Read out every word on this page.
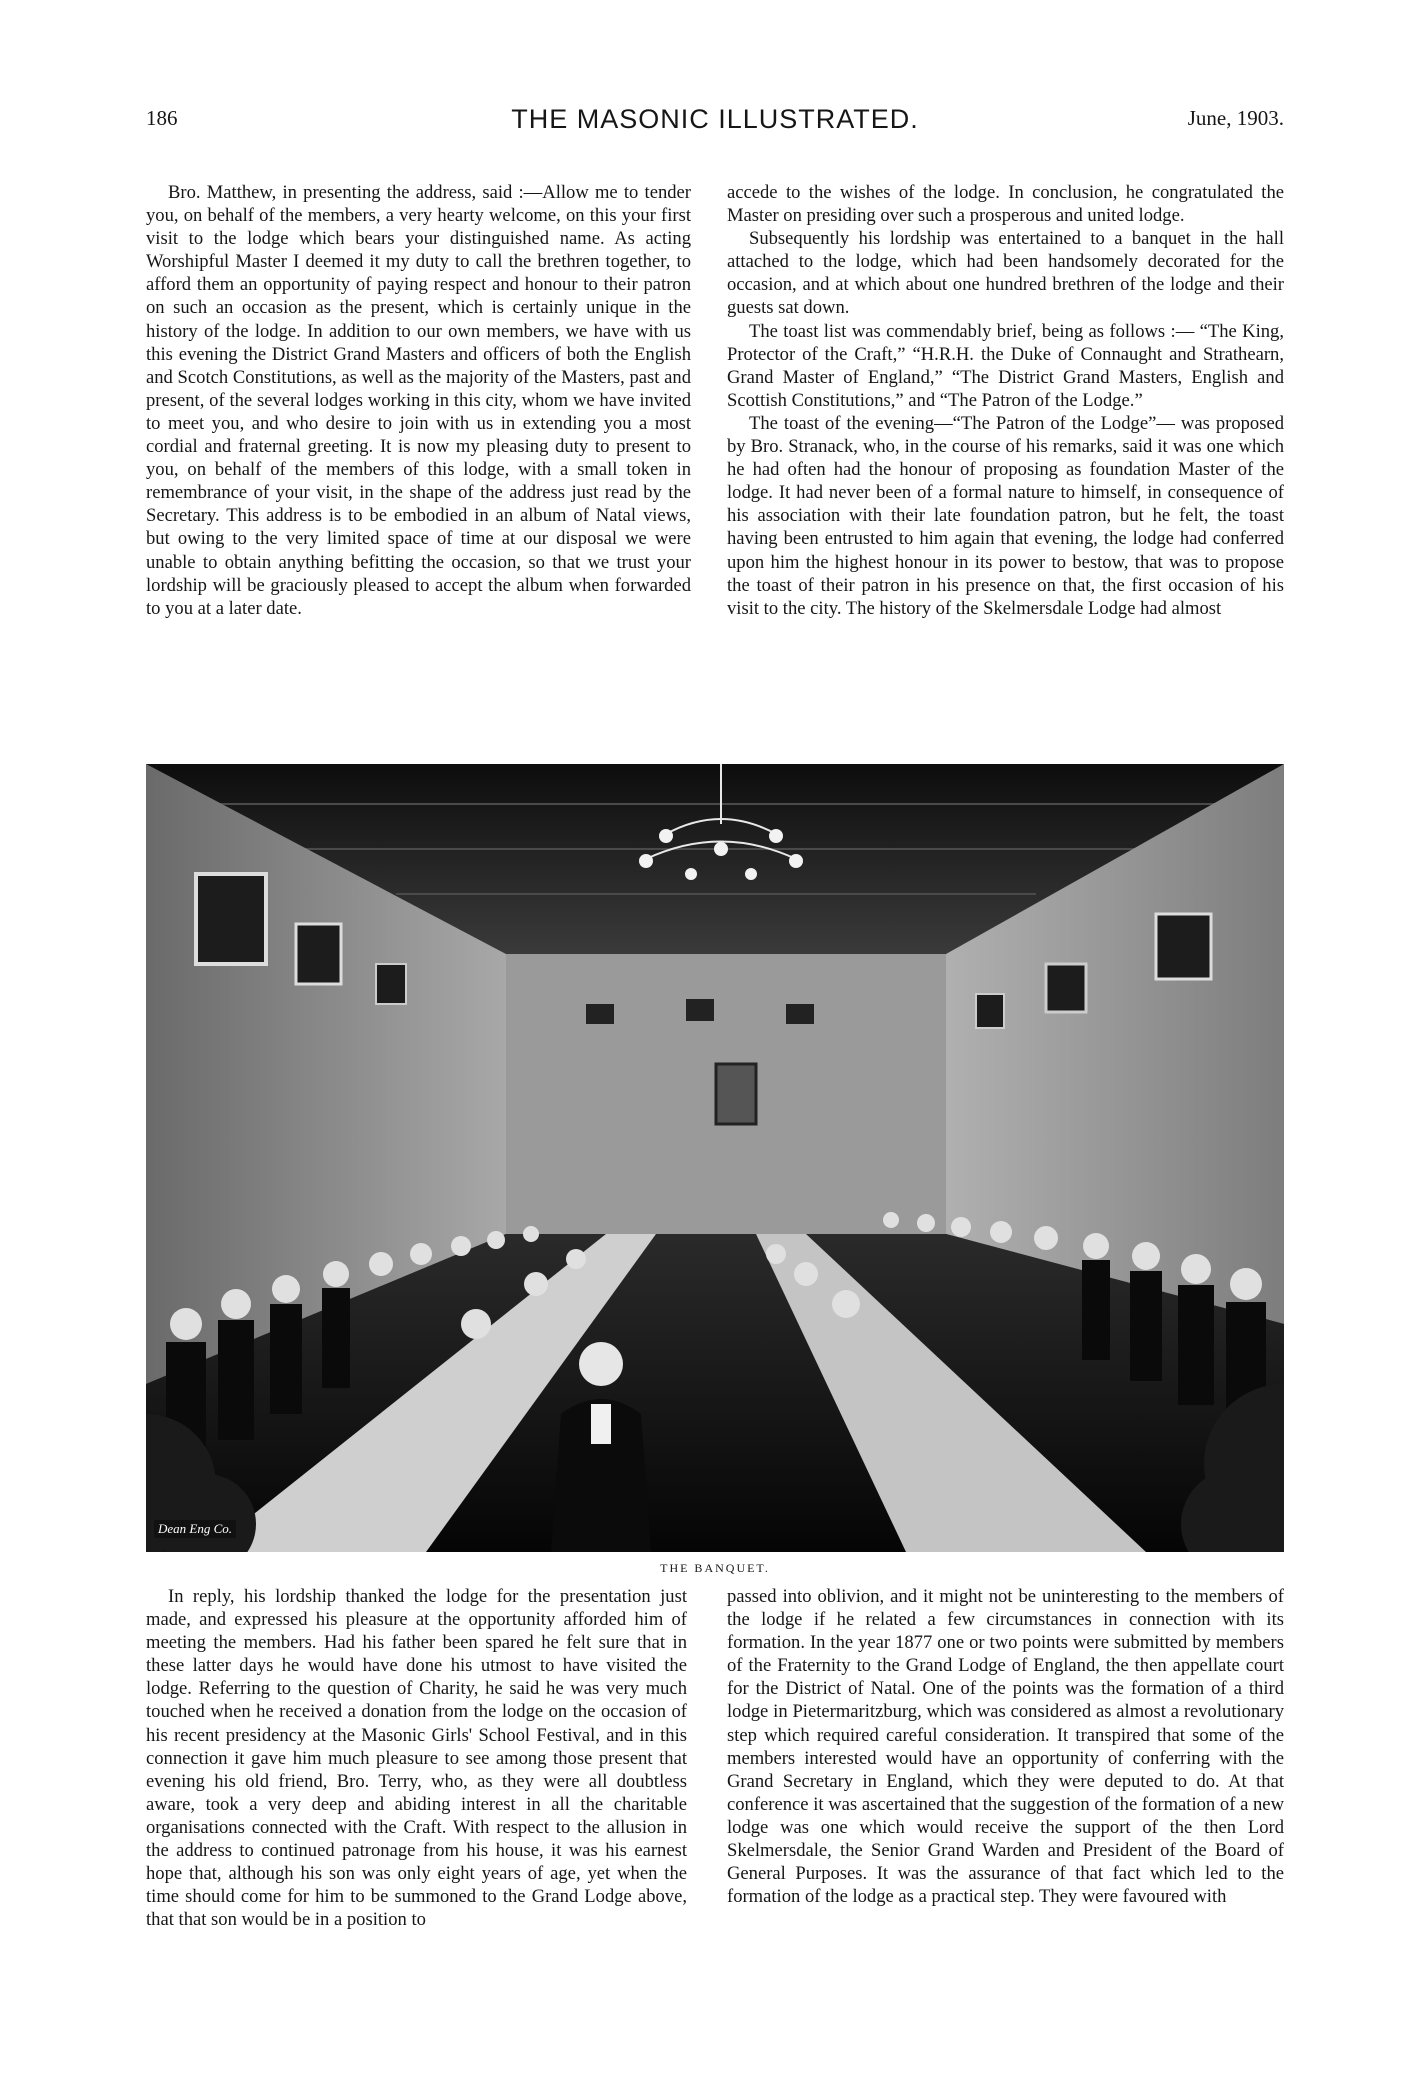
186	THE MASONIC ILLUSTRATED.	June, 1903.

Bro. Matthew, in presenting the address, said :—Allow me to tender you, on behalf of the members, a very hearty welcome, on this your first visit to the lodge which bears your distinguished name. As acting Worshipful Master I deemed it my duty to call the brethren together, to afford them an opportunity of paying respect and honour to their patron on such an occasion as the present, which is certainly unique in the history of the lodge. In addition to our own members, we have with us this evening the District Grand Masters and officers of both the English and Scotch Constitutions, as well as the majority of the Masters, past and present, of the several lodges working in this city, whom we have invited to meet you, and who desire to join with us in extending you a most cordial and fraternal greeting. It is now my pleasing duty to present to you, on behalf of the members of this lodge, with a small token in remembrance of your visit, in the shape of the address just read by the Secretary. This address is to be embodied in an album of Natal views, but owing to the very limited space of time at our disposal we were unable to obtain anything befitting the occasion, so that we trust your lordship will be graciously pleased to accept the album when forwarded to you at a later date.

accede to the wishes of the lodge. In conclusion, he congratulated the Master on presiding over such a prosperous and united lodge.

Subsequently his lordship was entertained to a banquet in the hall attached to the lodge, which had been handsomely decorated for the occasion, and at which about one hundred brethren of the lodge and their guests sat down.

The toast list was commendably brief, being as follows :— “The King, Protector of the Craft,” “H.R.H. the Duke of Connaught and Strathearn, Grand Master of England,” “The District Grand Masters, English and Scottish Constitutions,” and “The Patron of the Lodge.”

The toast of the evening—“The Patron of the Lodge”— was proposed by Bro. Stranack, who, in the course of his remarks, said it was one which he had often had the honour of proposing as foundation Master of the lodge. It had never been of a formal nature to himself, in consequence of his association with their late foundation patron, but he felt, the toast having been entrusted to him again that evening, the lodge had conferred upon him the highest honour in its power to bestow, that was to propose the toast of their patron in his presence on that, the first occasion of his visit to the city. The history of the Skelmersdale Lodge had almost

Dean Eng Co.
THE BANQUET.

In reply, his lordship thanked the lodge for the presentation just made, and expressed his pleasure at the opportunity afforded him of meeting the members. Had his father been spared he felt sure that in these latter days he would have done his utmost to have visited the lodge. Referring to the question of Charity, he said he was very much touched when he received a donation from the lodge on the occasion of his recent presidency at the Masonic Girls' School Festival, and in this connection it gave him much pleasure to see among those present that evening his old friend, Bro. Terry, who, as they were all doubtless aware, took a very deep and abiding interest in all the charitable organisations connected with the Craft. With respect to the allusion in the address to continued patronage from his house, it was his earnest hope that, although his son was only eight years of age, yet when the time should come for him to be summoned to the Grand Lodge above, that that son would be in a position to

passed into oblivion, and it might not be uninteresting to the members of the lodge if he related a few circumstances in connection with its formation. In the year 1877 one or two points were submitted by members of the Fraternity to the Grand Lodge of England, the then appellate court for the District of Natal. One of the points was the formation of a third lodge in Pietermaritzburg, which was considered as almost a revolutionary step which required careful consideration. It transpired that some of the members interested would have an opportunity of conferring with the Grand Secretary in England, which they were deputed to do. At that conference it was ascertained that the suggestion of the formation of a new lodge was one which would receive the support of the then Lord Skelmersdale, the Senior Grand Warden and President of the Board of General Purposes. It was the assurance of that fact which led to the formation of the lodge as a practical step. They were favoured with
